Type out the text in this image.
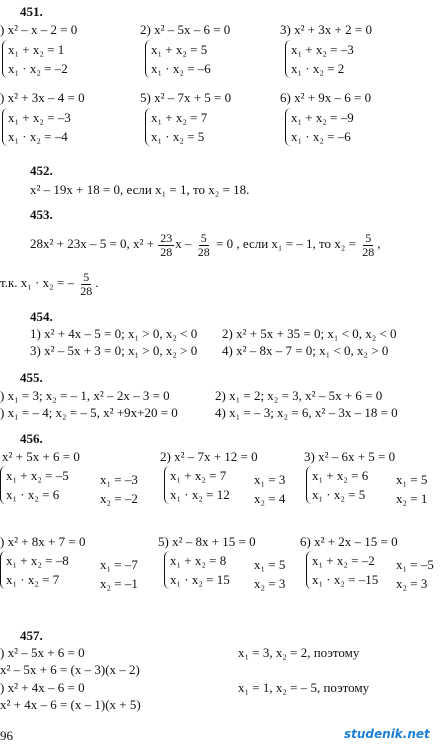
451.
) x² – x – 2 = 0
x₁ + x₂ = 1
x₁ · x₂ = –2
2) x² – 5x – 6 = 0
x₁ + x₂ = 5
x₁ · x₂ = –6
3) x² + 3x + 2 = 0
x₁ + x₂ = –3
x₁ · x₂ = 2
) x² + 3x – 4 = 0
x₁ + x₂ = –3
x₁ · x₂ = –4
5) x² – 7x + 5 = 0
x₁ + x₂ = 7
x₁ · x₂ = 5
6) x² + 9x – 6 = 0
x₁ + x₂ = –9
x₁ · x₂ = –6
452.
x² – 19x + 18 = 0, если x₁ = 1, то x₂ = 18.
453.
28x² + 23x – 5 = 0, $x^2 + \frac{23}{28}$ $x - \frac{5}{28} = 0$ , если x₁ = – 1, то $x_2 = \frac{5}{28}$ ,
т.к. x₁ · x₂ = – $\frac{5}{28}$ .
454.
1) x² + 4x – 5 = 0; x₁ > 0, x₂ < 0 2) x² + 5x + 35 = 0; x₁ < 0, x₂ < 0
3) x² – 5x + 3 = 0; x₁ > 0, x₂ > 0 4) x² – 8x – 7 = 0; x₁ < 0, x₂ > 0
455.
) x₁ = 3; x₂ = – 1, x² – 2x – 3 = 0	2) x₁ = 2; x₂ = 3, x² – 5x + 6 = 0
) x₁ = – 4; x₂ = – 5, x² +9x+20 = 0	4) x₁ = – 3; x₂ = 6, x² – 3x – 18 = 0
456.
x² + 5x + 6 = 0
x₁ + x₂ = –5
x₁ · x₂ = 6
x₁ = –3
x₂ = –2
2) x² – 7x + 12 = 0
x₁ + x₂ = 7
x₁ · x₂ = 12
x₁ = 3
x₂ = 4
3) x² – 6x + 5 = 0
x₁ + x₂ = 6
x₁ · x₂ = 5
x₁ = 5
x₂ = 1
) x² + 8x + 7 = 0
x₁ + x₂ = –8
x₁ · x₂ = 7
x₁ = –7
x₂ = –1
5) x² – 8x + 15 = 0
x₁ + x₂ = 8
x₁ · x₂ = 15
x₁ = 5
x₂ = 3
6) x² + 2x – 15 = 0
x₁ + x₂ = –2
x₁ · x₂ = –15
x₁ = –5
x₂ = 3
457.
) x² – 5x + 6 = 0	x₁ = 3, x₂ = 2, поэтому
x² – 5x + 6 = (x – 3)(x – 2)
) x² + 4x – 6 = 0	x₁ = 1, x₂ = – 5, поэтому
x² + 4x – 6 = (x – 1)(x + 5)
96	studenik.net
